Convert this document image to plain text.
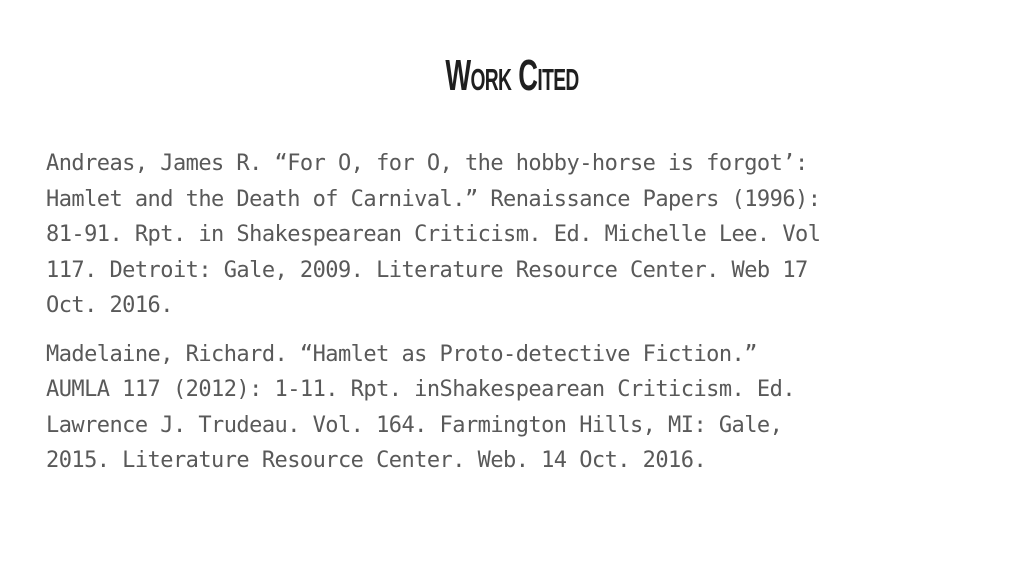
Work Cited

Andreas, James R. “For O, for O, the hobby-horse is forgot’:
Hamlet and the Death of Carnival.” Renaissance Papers (1996):
81-91. Rpt. in Shakespearean Criticism. Ed. Michelle Lee. Vol
117. Detroit: Gale, 2009. Literature Resource Center. Web 17
Oct. 2016.

Madelaine, Richard. “Hamlet as Proto-detective Fiction.”
AUMLA 117 (2012): 1-11. Rpt. inShakespearean Criticism. Ed.
Lawrence J. Trudeau. Vol. 164. Farmington Hills, MI: Gale,
2015. Literature Resource Center. Web. 14 Oct. 2016.
